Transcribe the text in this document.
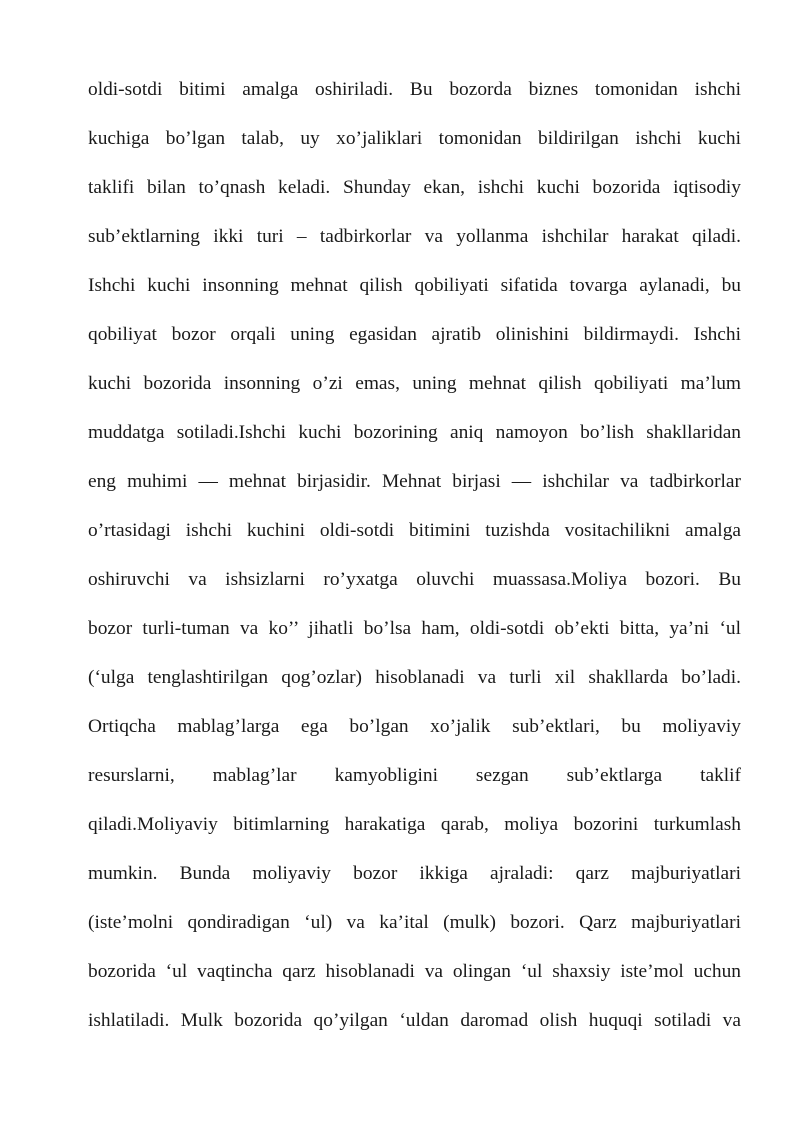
oldi-sotdi bitimi amalga oshiriladi. Bu bozorda biznes tomonidan ishchi
kuchiga bo’lgan talab, uy xo’jaliklari tomonidan bildirilgan ishchi kuchi
taklifi bilan to’qnash keladi. Shunday ekan, ishchi kuchi bozorida iqtisodiy
sub’ektlarning ikki turi – tadbirkorlar va yollanma ishchilar harakat qiladi.
Ishchi kuchi insonning mehnat qilish qobiliyati sifatida tovarga aylanadi, bu
qobiliyat bozor orqali uning egasidan ajratib olinishini bildirmaydi. Ishchi
kuchi bozorida insonning o’zi emas, uning mehnat qilish qobiliyati ma’lum
muddatga sotiladi.Ishchi kuchi bozorining aniq namoyon bo’lish shakllaridan
eng muhimi — mehnat birjasidir. Mehnat birjasi — ishchilar va tadbirkorlar
o’rtasidagi ishchi kuchini oldi-sotdi bitimini tuzishda vositachilikni amalga
oshiruvchi va ishsizlarni ro’yxatga oluvchi muassasa.Moliya bozori. Bu
bozor turli-tuman va ko’’ jihatli bo’lsa ham, oldi-sotdi ob’ekti bitta, ya’ni ‘ul
(‘ulga tenglashtirilgan qog’ozlar) hisoblanadi va turli xil shakllarda bo’ladi.
Ortiqcha mablag’larga ega bo’lgan xo’jalik sub’ektlari, bu moliyaviy
resurslarni, mablag’lar kamyobligini sezgan sub’ektlarga taklif
qiladi.Moliyaviy bitimlarning harakatiga qarab, moliya bozorini turkumlash
mumkin. Bunda moliyaviy bozor ikkiga ajraladi: qarz majburiyatlari
(iste’molni qondiradigan ‘ul) va ka’ital (mulk) bozori. Qarz majburiyatlari
bozorida ‘ul vaqtincha qarz hisoblanadi va olingan ‘ul shaxsiy iste’mol uchun
ishlatiladi. Mulk bozorida qo’yilgan ‘uldan daromad olish huquqi sotiladi va
